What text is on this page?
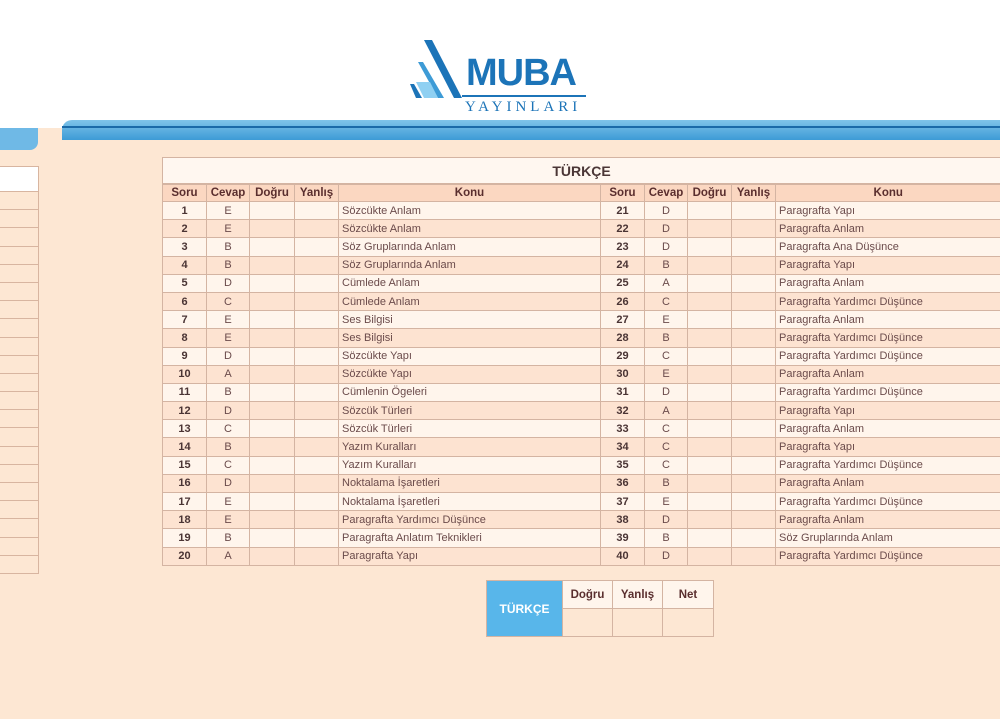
MUBA
YAYINLARI
TÜRKÇE
Soru	Cevap	Doğru	Yanlış	Konu	Soru	Cevap	Doğru	Yanlış	Konu
1	E			Sözcükte Anlam	21	D			Paragrafta Yapı
2	E			Sözcükte Anlam	22	D			Paragrafta Anlam
3	B			Söz Gruplarında Anlam	23	D			Paragrafta Ana Düşünce
4	B			Söz Gruplarında Anlam	24	B			Paragrafta Yapı
5	D			Cümlede Anlam	25	A			Paragrafta Anlam
6	C			Cümlede Anlam	26	C			Paragrafta Yardımcı Düşünce
7	E			Ses Bilgisi	27	E			Paragrafta Anlam
8	E			Ses Bilgisi	28	B			Paragrafta Yardımcı Düşünce
9	D			Sözcükte Yapı	29	C			Paragrafta Yardımcı Düşünce
10	A			Sözcükte Yapı	30	E			Paragrafta Anlam
11	B			Cümlenin Ögeleri	31	D			Paragrafta Yardımcı Düşünce
12	D			Sözcük Türleri	32	A			Paragrafta Yapı
13	C			Sözcük Türleri	33	C			Paragrafta Anlam
14	B			Yazım Kuralları	34	C			Paragrafta Yapı
15	C			Yazım Kuralları	35	C			Paragrafta Yardımcı Düşünce
16	D			Noktalama İşaretleri	36	B			Paragrafta Anlam
17	E			Noktalama İşaretleri	37	E			Paragrafta Yardımcı Düşünce
18	E			Paragrafta Yardımcı Düşünce	38	D			Paragrafta Anlam
19	B			Paragrafta Anlatım Teknikleri	39	B			Söz Gruplarında Anlam
20	A			Paragrafta Yapı	40	D			Paragrafta Yardımcı Düşünce
TÜRKÇE	Doğru	Yanlış	Net
